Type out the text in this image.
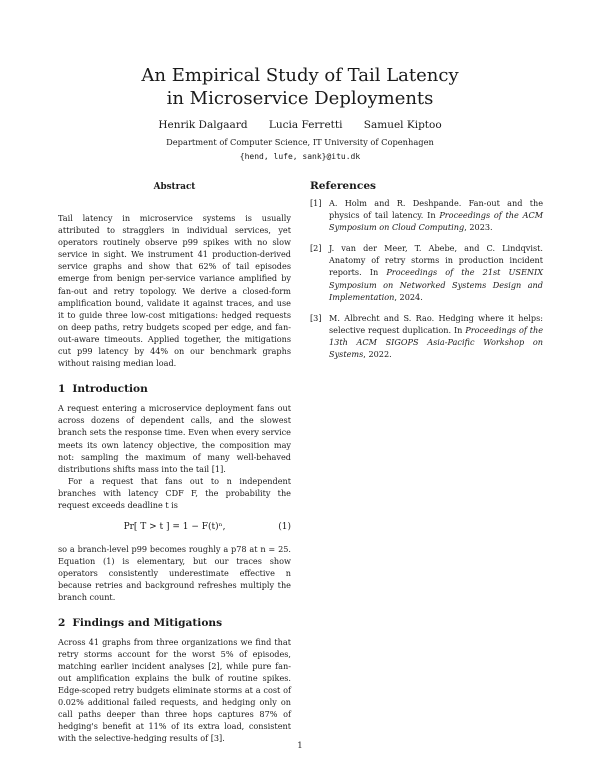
An Empirical Study of Tail Latency
in Microservice Deployments
Henrik Dalgaard Lucia Ferretti Samuel Kiptoo
Department of Computer Science, IT University of Copenhagen
{hend, lufe, sank}@itu.dk
Abstract

Tail latency in microservice systems is usually attributed to stragglers in individual services, yet operators routinely observe p99 spikes with no slow service in sight. We instrument 41 production-derived service graphs and show that 62% of tail episodes emerge from benign per-service variance amplified by fan-out and retry topology. We derive a closed-form amplification bound, validate it against traces, and use it to guide three low-cost mitigations: hedged requests on deep paths, retry budgets scoped per edge, and fan-out-aware timeouts. Applied together, the mitigations cut p99 latency by 44% on our benchmark graphs without raising median load.

1 Introduction

A request entering a microservice deployment fans out across dozens of dependent calls, and the slowest branch sets the response time. Even when every service meets its own latency objective, the composition may not: sampling the maximum of many well-behaved distributions shifts mass into the tail [1].

For a request that fans out to n independent branches with latency CDF F, the probability the request exceeds deadline t is

Pr[ T > t ] = 1 − F(t)ⁿ,	(1)

so a branch-level p99 becomes roughly a p78 at n = 25. Equation (1) is elementary, but our traces show operators consistently underestimate effective n because retries and background refreshes multiply the branch count.

2 Findings and Mitigations

Across 41 graphs from three organizations we find that retry storms account for the worst 5% of episodes, matching earlier incident analyses [2], while pure fan-out amplification explains the bulk of routine spikes. Edge-scoped retry budgets eliminate storms at a cost of 0.02% additional failed requests, and hedging only on call paths deeper than three hops captures 87% of hedging's benefit at 11% of its extra load, consistent with the selective-hedging results of [3].

References
[1] A. Holm and R. Deshpande. Fan-out and the physics of tail latency. In Proceedings of the ACM Symposium on Cloud Computing, 2023.

[2] J. van der Meer, T. Abebe, and C. Lindqvist. Anatomy of retry storms in production incident reports. In Proceedings of the 21st USENIX Symposium on Networked Systems Design and Implementation, 2024.

[3] M. Albrecht and S. Rao. Hedging where it helps: selective request duplication. In Proceedings of the 13th ACM SIGOPS Asia-Pacific Workshop on Systems, 2022.

1
